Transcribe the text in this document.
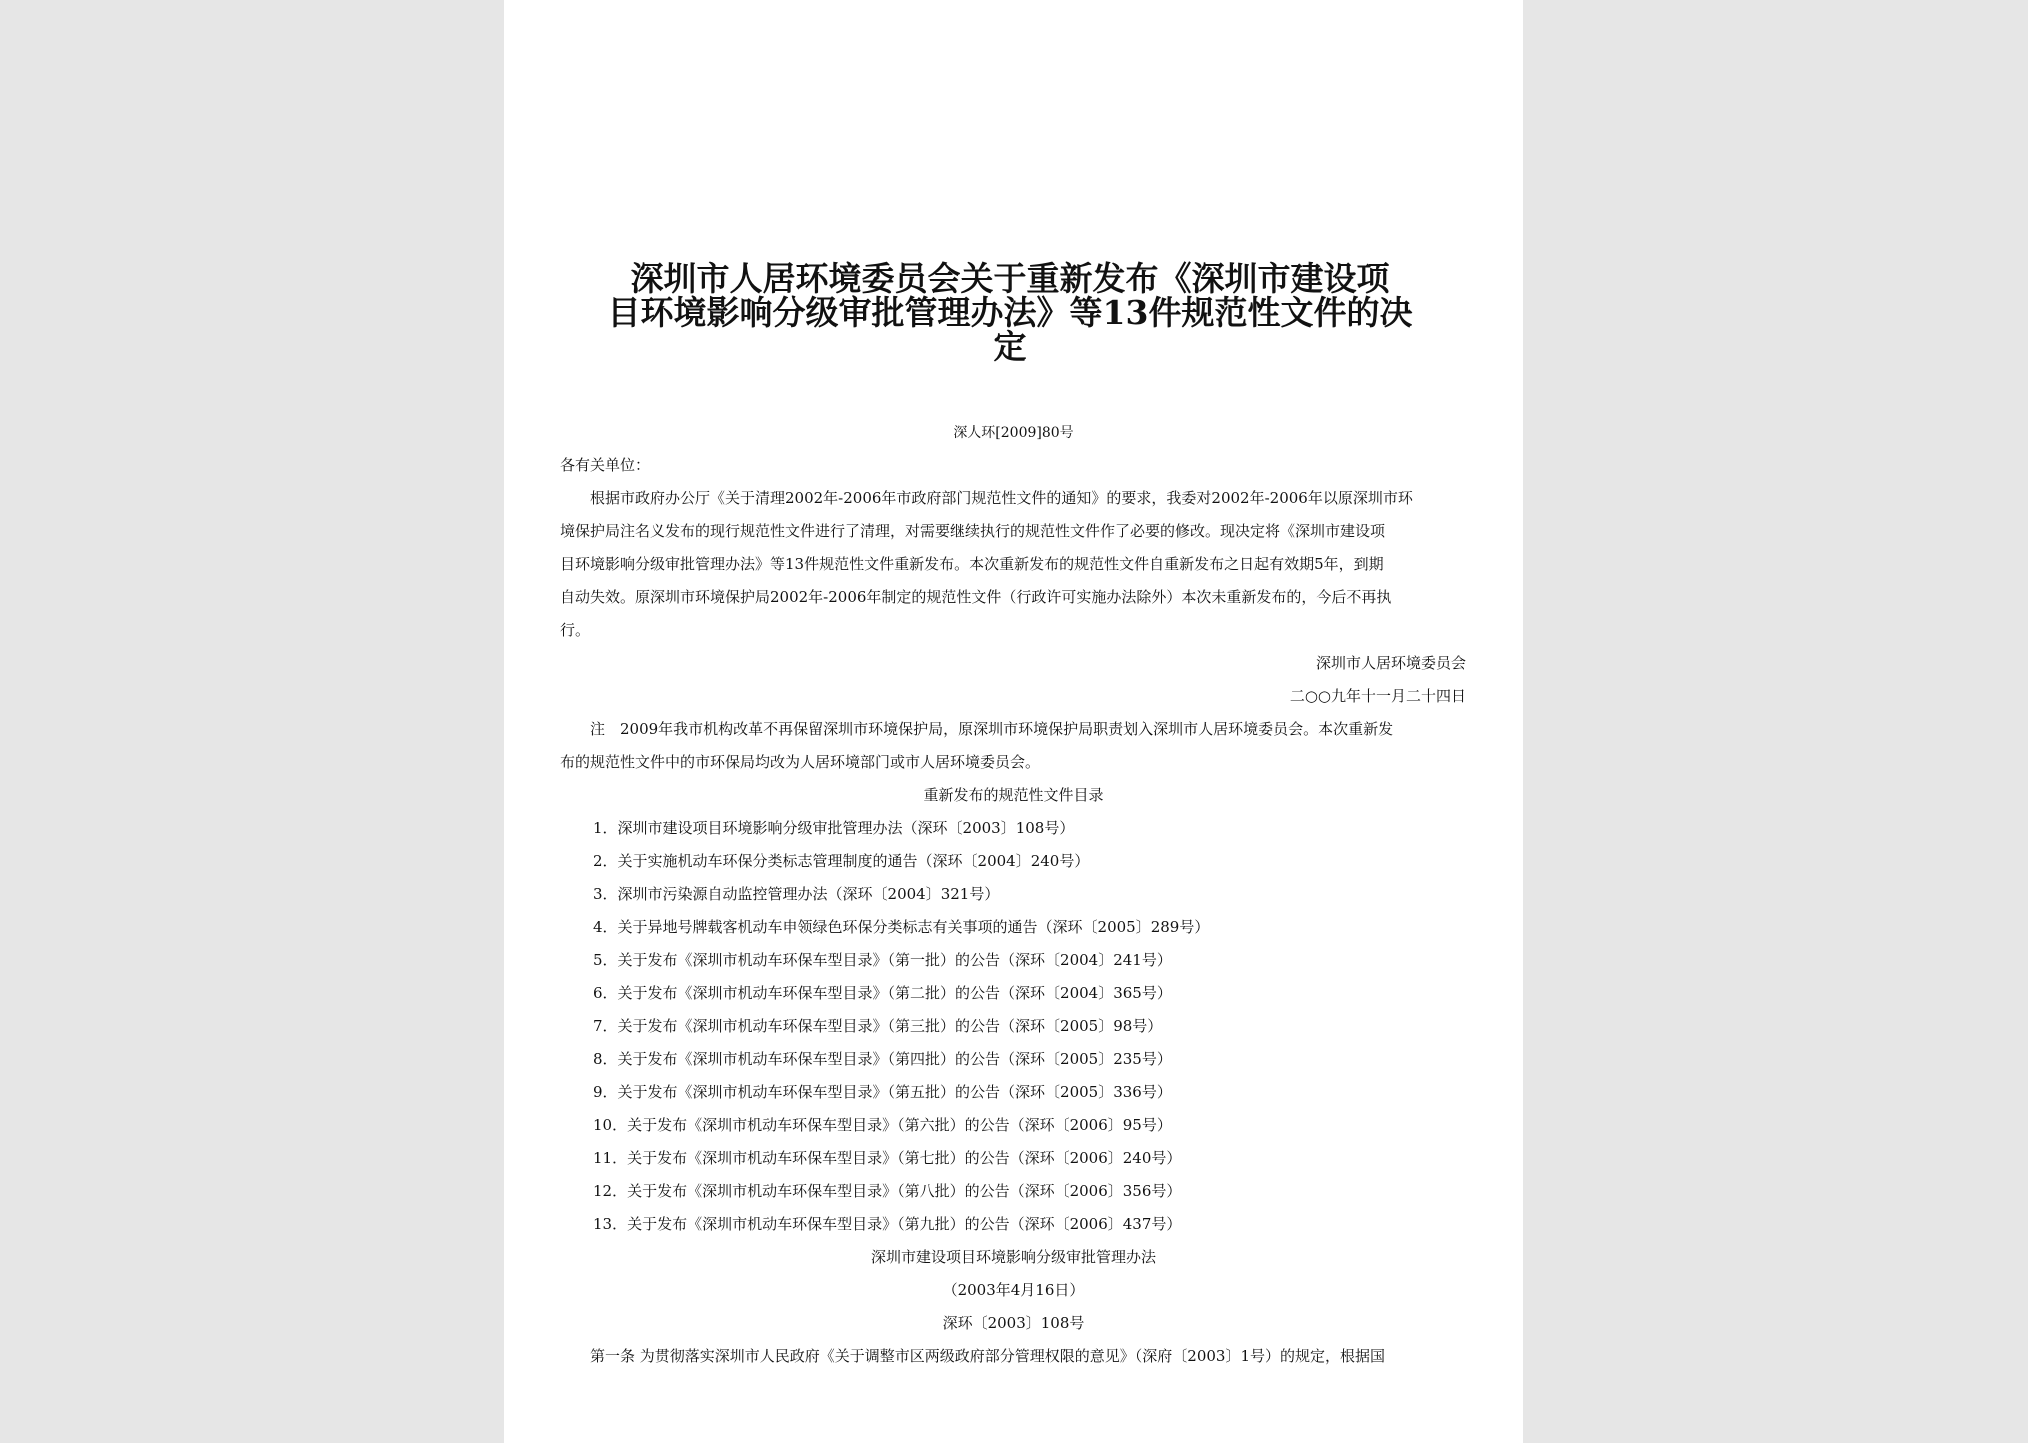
深圳市人居环境委员会关于重新发布《深圳市建设项
目环境影响分级审批管理办法》等13件规范性文件的决
定
深人环[2009]80号
各有关单位：
　　根据市政府办公厅《关于清理2002年-2006年市政府部门规范性文件的通知》的要求，我委对2002年-2006年以原深圳市环
境保护局注名义发布的现行规范性文件进行了清理，对需要继续执行的规范性文件作了必要的修改。现决定将《深圳市建设项
目环境影响分级审批管理办法》等13件规范性文件重新发布。本次重新发布的规范性文件自重新发布之日起有效期5年，到期
自动失效。原深圳市环境保护局2002年-2006年制定的规范性文件（行政许可实施办法除外）本次未重新发布的，今后不再执
行。
深圳市人居环境委员会
二○○九年十一月二十四日
　　注　2009年我市机构改革不再保留深圳市环境保护局，原深圳市环境保护局职责划入深圳市人居环境委员会。本次重新发
布的规范性文件中的市环保局均改为人居环境部门或市人居环境委员会。
重新发布的规范性文件目录
1．深圳市建设项目环境影响分级审批管理办法（深环〔2003〕108号）
2．关于实施机动车环保分类标志管理制度的通告（深环〔2004〕240号）
3．深圳市污染源自动监控管理办法（深环〔2004〕321号）
4．关于异地号牌载客机动车申领绿色环保分类标志有关事项的通告（深环〔2005〕289号）
5．关于发布《深圳市机动车环保车型目录》（第一批）的公告（深环〔2004〕241号）
6．关于发布《深圳市机动车环保车型目录》（第二批）的公告（深环〔2004〕365号）
7．关于发布《深圳市机动车环保车型目录》（第三批）的公告（深环〔2005〕98号）
8．关于发布《深圳市机动车环保车型目录》（第四批）的公告（深环〔2005〕235号）
9．关于发布《深圳市机动车环保车型目录》（第五批）的公告（深环〔2005〕336号）
10．关于发布《深圳市机动车环保车型目录》（第六批）的公告（深环〔2006〕95号）
11．关于发布《深圳市机动车环保车型目录》（第七批）的公告（深环〔2006〕240号）
12．关于发布《深圳市机动车环保车型目录》（第八批）的公告（深环〔2006〕356号）
13．关于发布《深圳市机动车环保车型目录》（第九批）的公告（深环〔2006〕437号）
深圳市建设项目环境影响分级审批管理办法
（2003年4月16日）
深环〔2003〕108号
　　第一条 为贯彻落实深圳市人民政府《关于调整市区两级政府部分管理权限的意见》（深府〔2003〕1号）的规定，根据国
